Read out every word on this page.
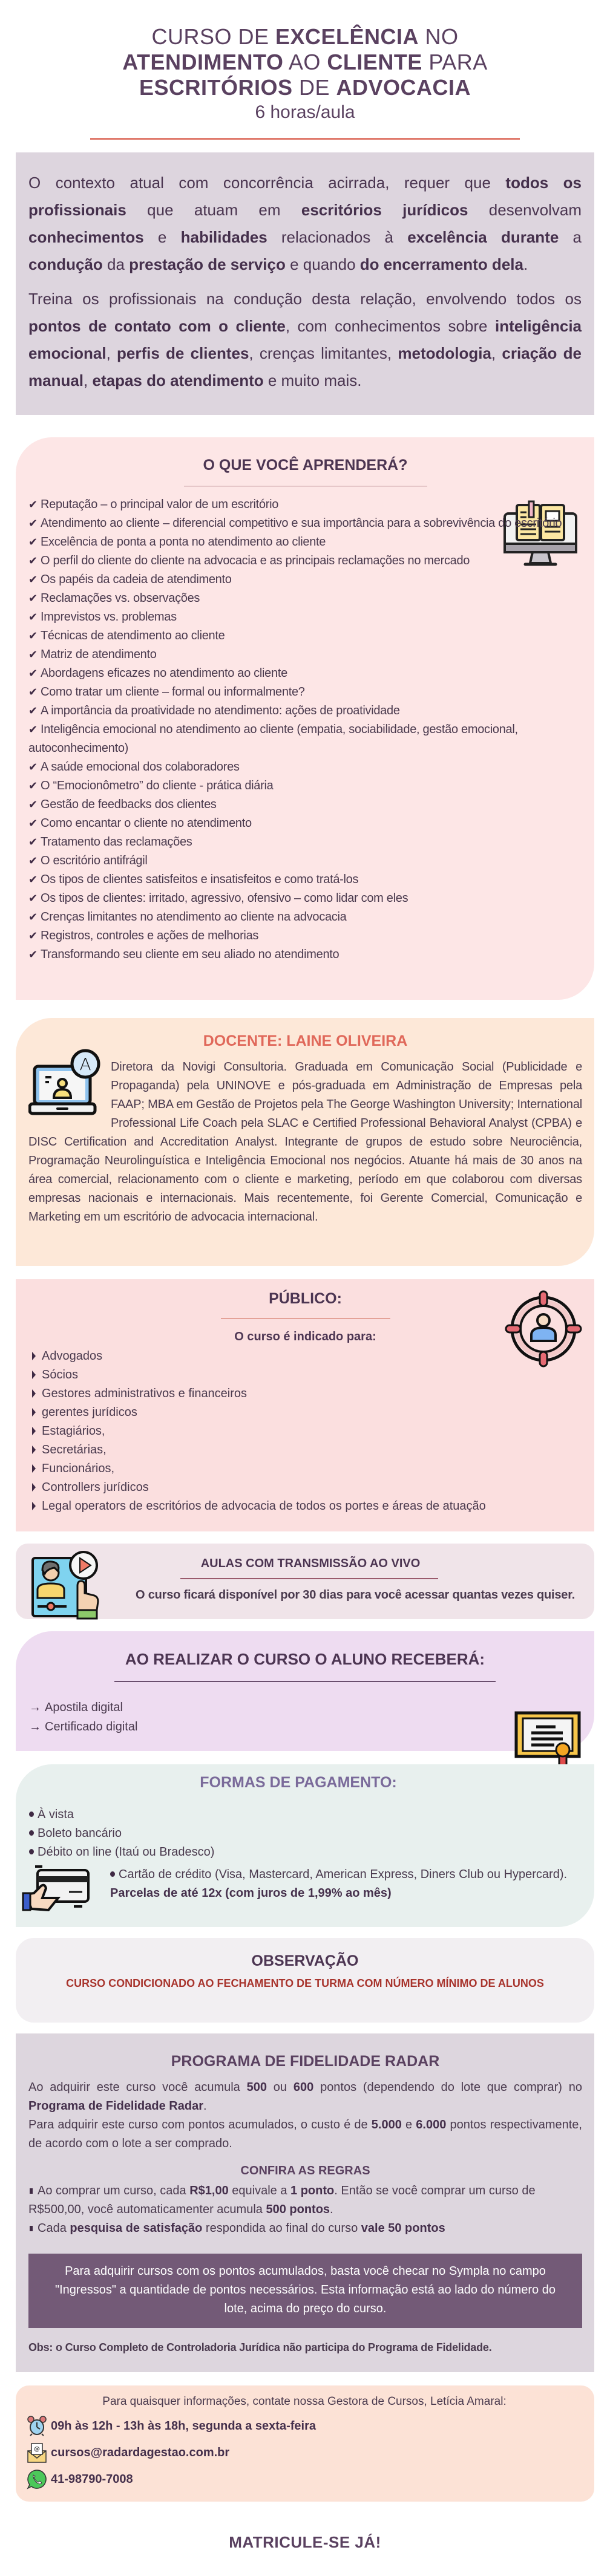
CURSO DE EXCELÊNCIA NO
ATENDIMENTO AO CLIENTE PARA
ESCRITÓRIOS DE ADVOCACIA
6 horas/aula

O contexto atual com concorrência acirrada, requer que todos os profissionais que atuam em escritórios jurídicos desenvolvam conhecimentos e habilidades relacionados à excelência durante a condução da prestação de serviço e quando do encerramento dela.

Treina os profissionais na condução desta relação, envolvendo todos os pontos de contato com o cliente, com conhecimentos sobre inteligência emocional, perfis de clientes, crenças limitantes, metodologia, criação de manual, etapas do atendimento e muito mais.

O QUE VOCÊ APRENDERÁ?
✔ Reputação – o principal valor de um escritório
✔ Atendimento ao cliente – diferencial competitivo e sua importância para a sobrevivência do escritório
✔ Excelência de ponta a ponta no atendimento ao cliente
✔ O perfil do cliente do cliente na advocacia e as principais reclamações no mercado
✔ Os papéis da cadeia de atendimento
✔ Reclamações vs. observações
✔ Imprevistos vs. problemas
✔ Técnicas de atendimento ao cliente
✔ Matriz de atendimento
✔ Abordagens eficazes no atendimento ao cliente
✔ Como tratar um cliente – formal ou informalmente?
✔ A importância da proatividade no atendimento: ações de proatividade
✔ Inteligência emocional no atendimento ao cliente (empatia, sociabilidade, gestão emocional, autoconhecimento)
✔ A saúde emocional dos colaboradores
✔ O “Emocionômetro” do cliente - prática diária
✔ Gestão de feedbacks dos clientes
✔ Como encantar o cliente no atendimento
✔ Tratamento das reclamações
✔ O escritório antifrágil
✔ Os tipos de clientes satisfeitos e insatisfeitos e como tratá-los
✔ Os tipos de clientes: irritado, agressivo, ofensivo – como lidar com eles
✔ Crenças limitantes no atendimento ao cliente na advocacia
✔ Registros, controles e ações de melhorias
✔ Transformando seu cliente em seu aliado no atendimento
DOCENTE: LAINE OLIVEIRA
A Diretora da Novigi Consultoria. Graduada em Comunicação Social (Publicidade e Propaganda) pela UNINOVE e pós-graduada em Administração de Empresas pela FAAP; MBA em Gestão de Projetos pela The George Washington University; International Professional Life Coach pela SLAC e Certified Professional Behavioral Analyst (CPBA) e DISC Certification and Accreditation Analyst. Integrante de grupos de estudo sobre Neurociência, Programação Neurolinguística e Inteligência Emocional nos negócios. Atuante há mais de 30 anos na área comercial, relacionamento com o cliente e marketing, período em que colaborou com diversas empresas nacionais e internacionais. Mais recentemente, foi Gerente Comercial, Comunicação e Marketing em um escritório de advocacia internacional.
PÚBLICO:
O curso é indicado para:
Advogados
Sócios
Gestores administrativos e financeiros
gerentes jurídicos
Estagiários,
Secretárias,
Funcionários,
Controllers jurídicos
Legal operators de escritórios de advocacia de todos os portes e áreas de atuação
AULAS COM TRANSMISSÃO AO VIVO

O curso ficará disponível por 30 dias para você acessar quantas vezes quiser.

AO REALIZAR O CURSO O ALUNO RECEBERÁ:
→ Apostila digital
→ Certificado digital
FORMAS DE PAGAMENTO:
À vista
Boleto bancário
Débito on line (Itaú ou Bradesco)
Cartão de crédito (Visa, Mastercard, American Express, Diners Club ou Hypercard). Parcelas de até 12x (com juros de 1,99% ao mês)
OBSERVAÇÃO

CURSO CONDICIONADO AO FECHAMENTO DE TURMA COM NÚMERO MÍNIMO DE ALUNOS

PROGRAMA DE FIDELIDADE RADAR

Ao adquirir este curso você acumula 500 ou 600 pontos (dependendo do lote que comprar) no Programa de Fidelidade Radar.

Para adquirir este curso com pontos acumulados, o custo é de 5.000 e 6.000 pontos respectivamente, de acordo com o lote a ser comprado.

CONFIRA AS REGRAS
Ao comprar um curso, cada R$1,00 equivale a 1 ponto. Então se você comprar um curso de R$500,00, você automaticamenter acumula 500 pontos.
Cada pesquisa de satisfação respondida ao final do curso vale 50 pontos
Para adquirir cursos com os pontos acumulados, basta você checar no Sympla no campo "Ingressos" a quantidade de pontos necessários. Esta informação está ao lado do número do lote, acima do preço do curso.

Obs: o Curso Completo de Controladoria Jurídica não participa do Programa de Fidelidade.

Para quaisquer informações, contate nossa Gestora de Cursos, Letícia Amaral:

09h às 12h - 13h às 18h, segunda a sexta-feira
@ cursos@radardagestao.com.br
41-98790-7008
MATRICULE-SE JÁ!
